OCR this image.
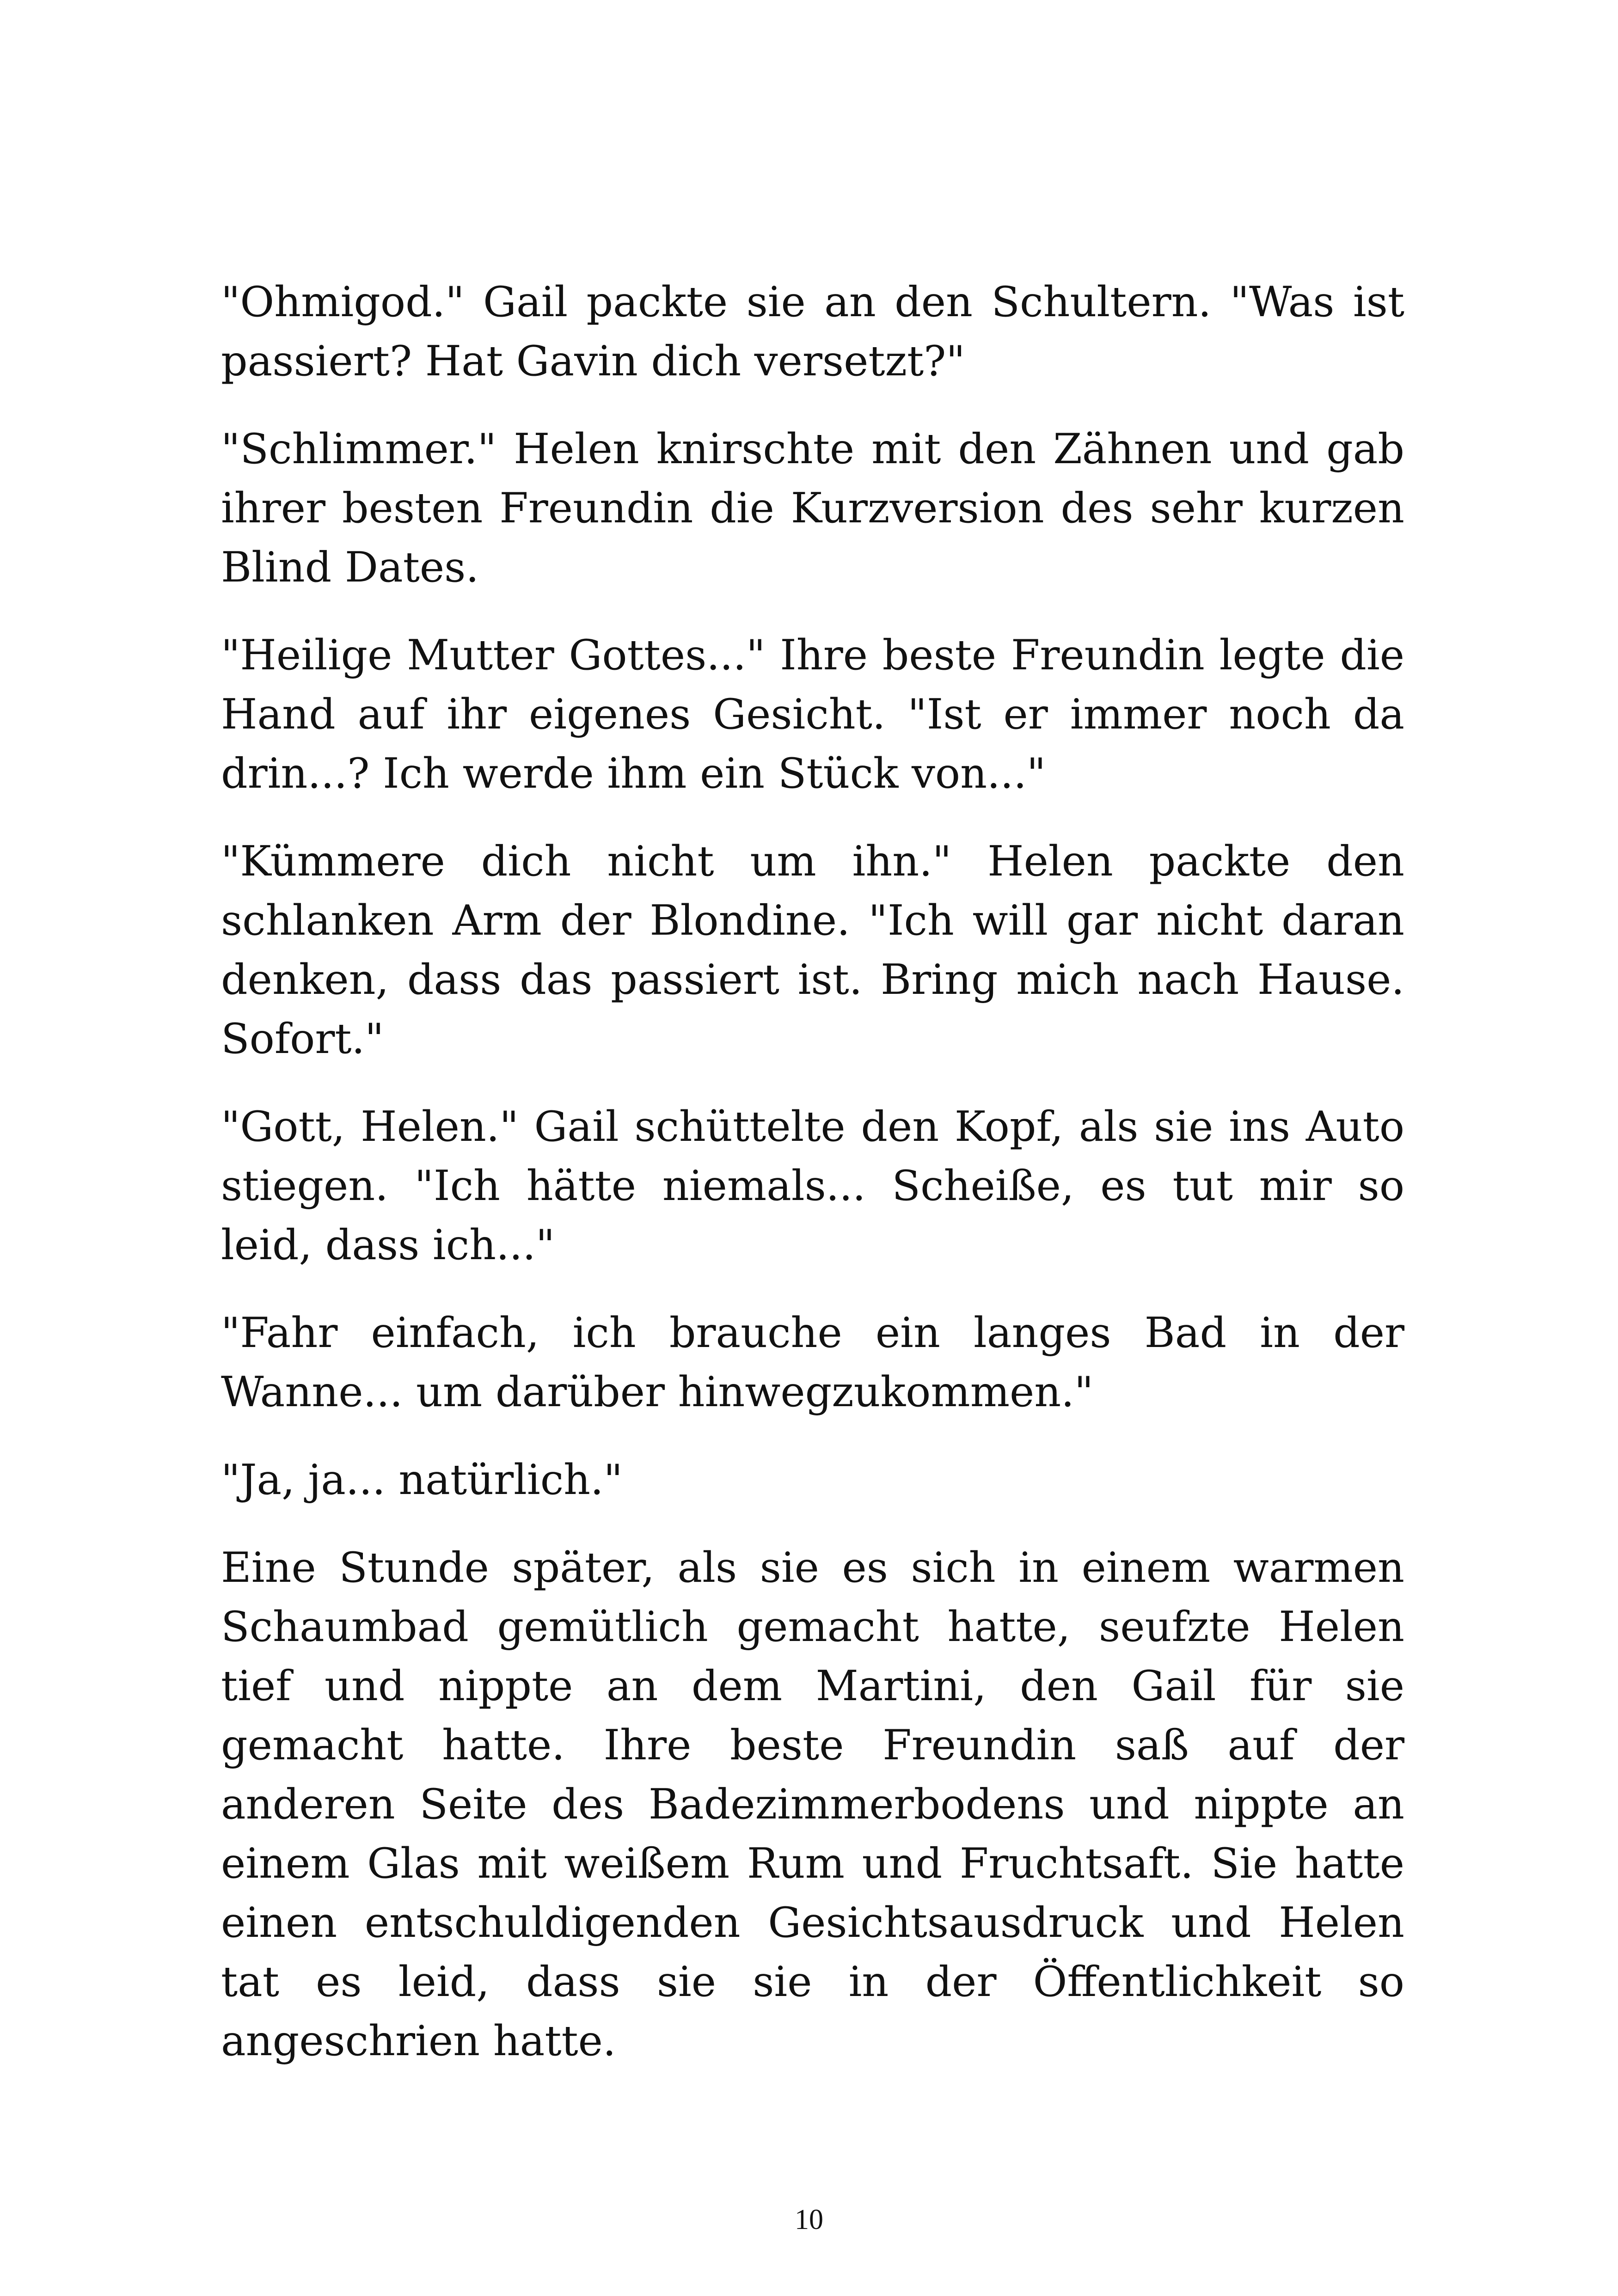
"Ohmigod." Gail packte sie an den Schultern. "Was ist passiert? Hat Gavin dich versetzt?"

"Schlimmer." Helen knirschte mit den Zähnen und gab ihrer besten Freundin die Kurzversion des sehr kurzen Blind Dates.

"Heilige Mutter Gottes..." Ihre beste Freundin legte die Hand auf ihr eigenes Gesicht. "Ist er immer noch da drin...? Ich werde ihm ein Stück von..."

"Kümmere dich nicht um ihn." Helen packte den schlanken Arm der Blondine. "Ich will gar nicht daran denken, dass das passiert ist. Bring mich nach Hause. Sofort."

"Gott, Helen." Gail schüttelte den Kopf, als sie ins Auto stiegen. "Ich hätte niemals... Scheiße, es tut mir so leid, dass ich..."

"Fahr einfach, ich brauche ein langes Bad in der Wanne... um darüber hinwegzukommen."

"Ja, ja... natürlich."

Eine Stunde später, als sie es sich in einem warmen Schaumbad gemütlich gemacht hatte, seufzte Helen tief und nippte an dem Martini, den Gail für sie gemacht hatte. Ihre beste Freundin saß auf der anderen Seite des Badezimmerbodens und nippte an einem Glas mit weißem Rum und Fruchtsaft. Sie hatte einen entschuldigenden Gesichtsausdruck und Helen tat es leid, dass sie sie in der Öffentlichkeit so angeschrien hatte.

10
